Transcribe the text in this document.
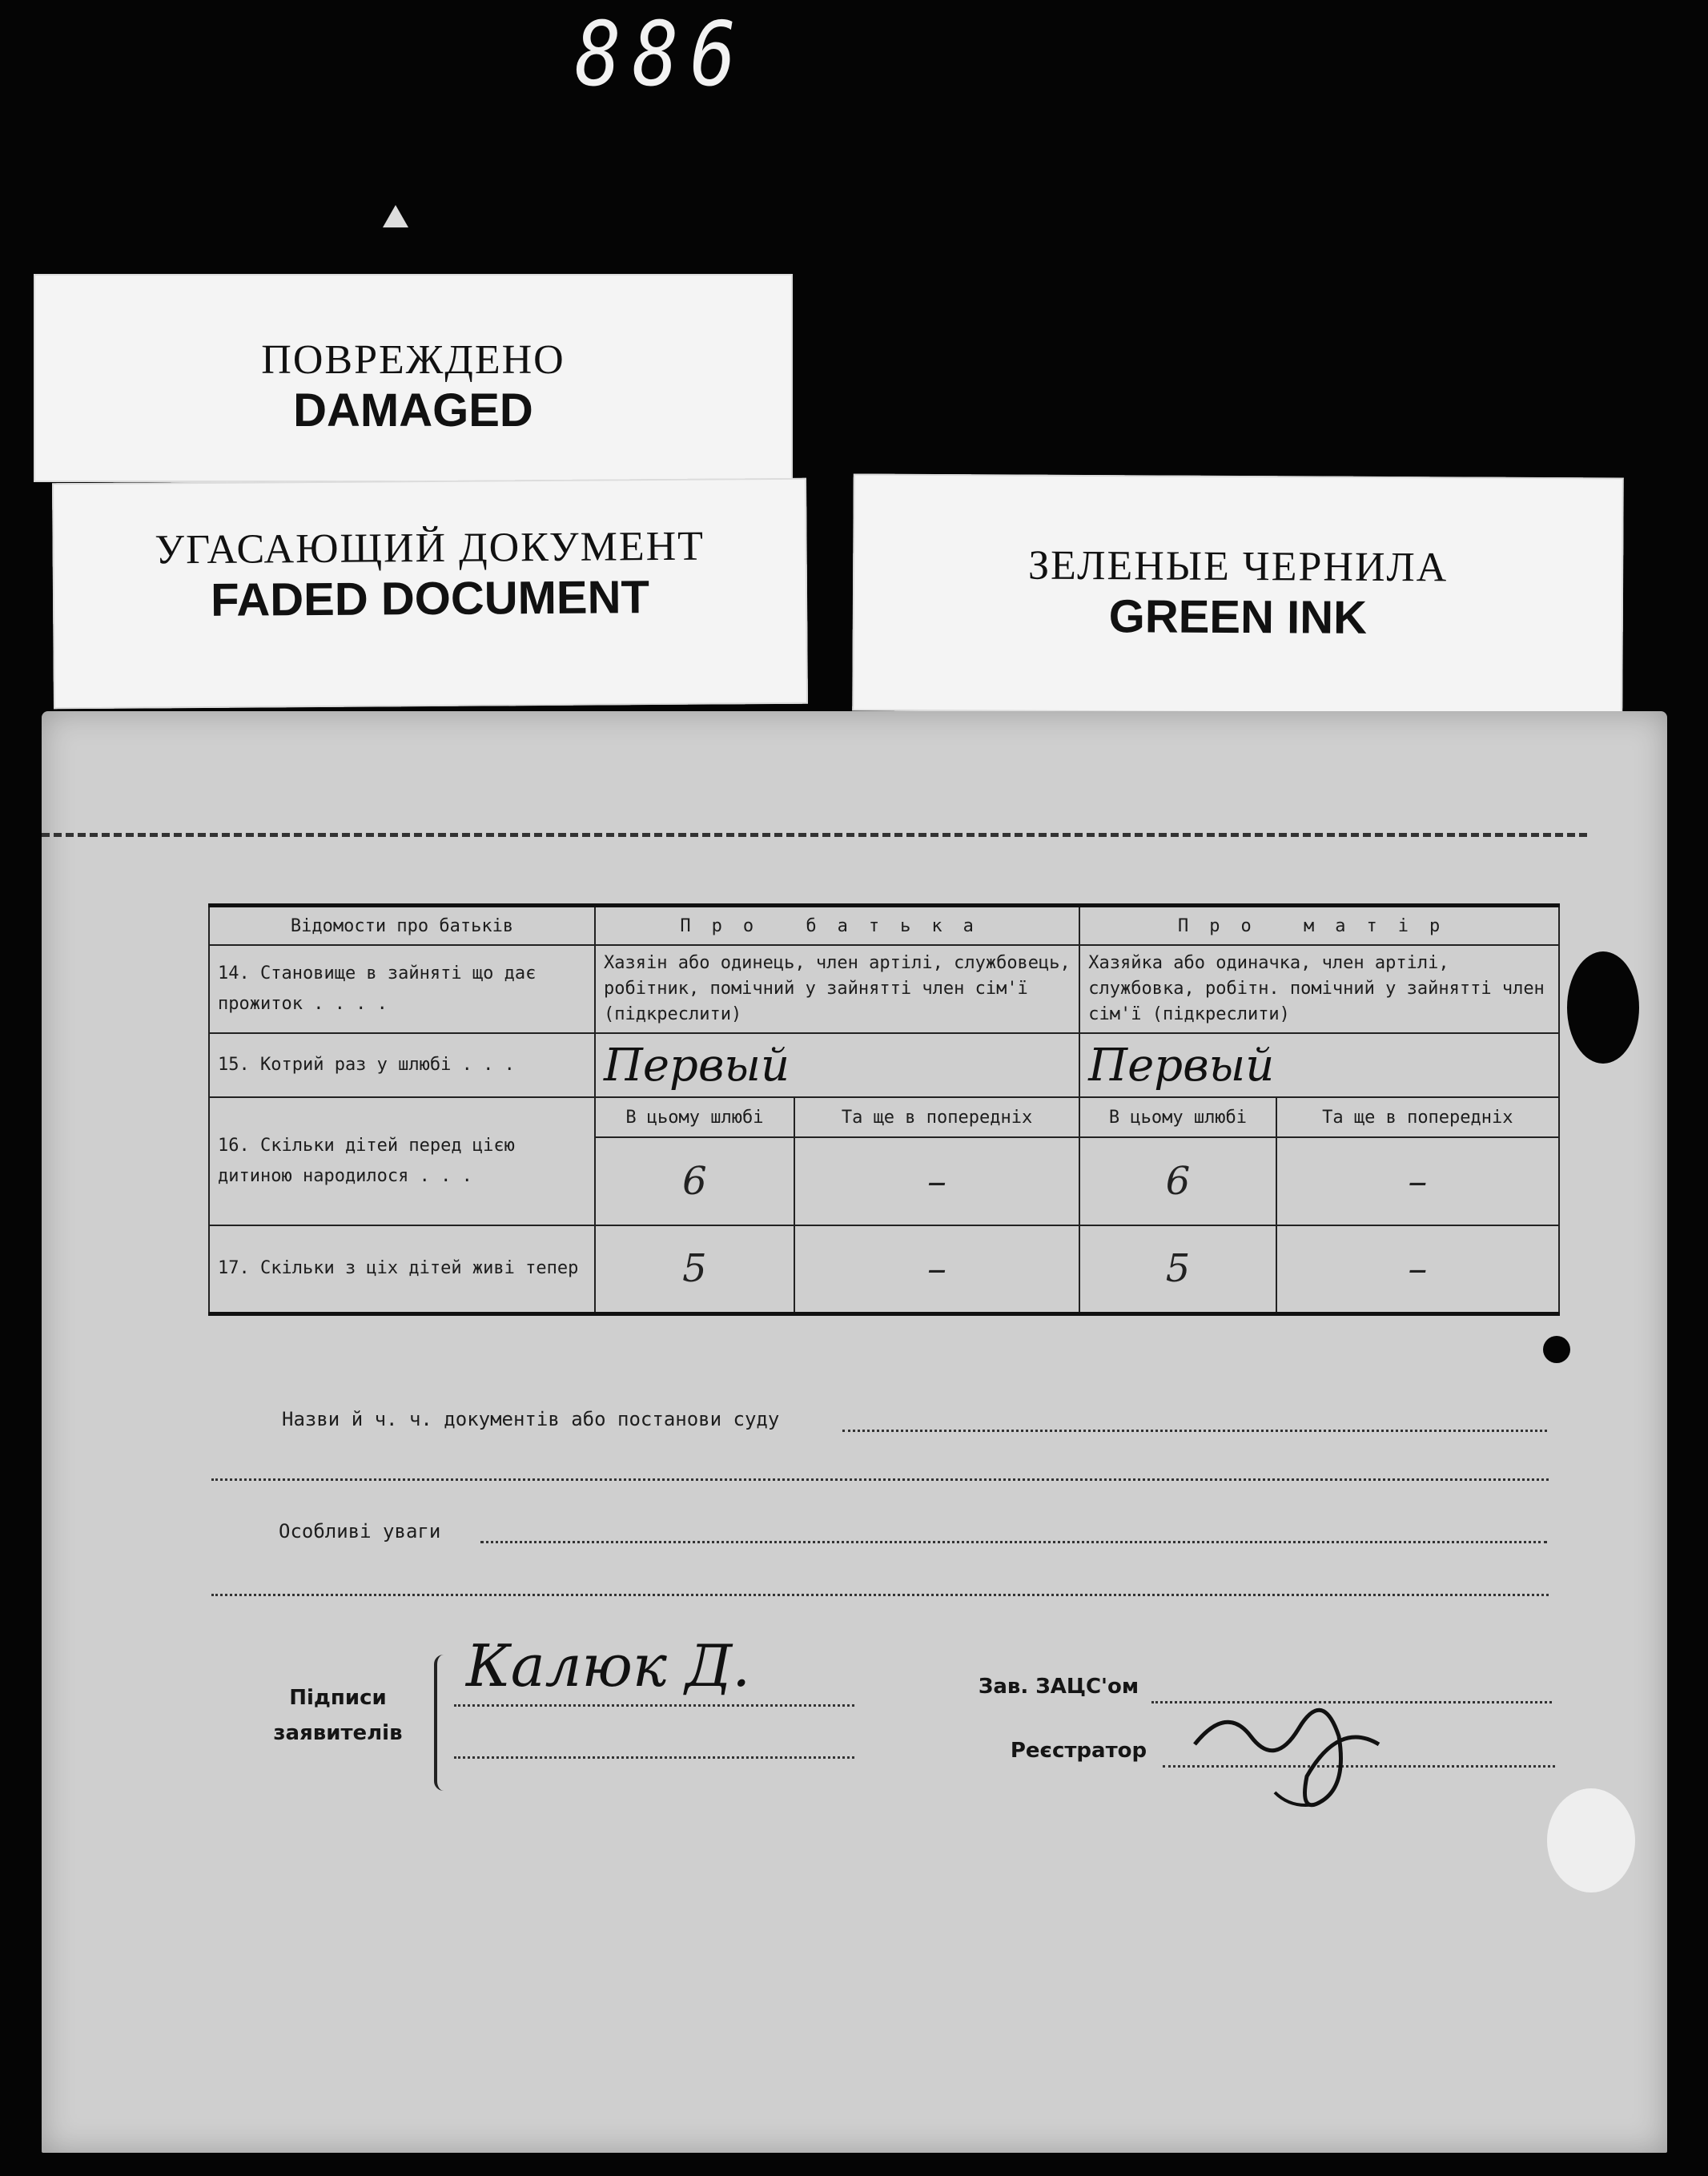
886
ПОВРЕЖДЕНО
DAMAGED
УГАСАЮЩИЙ ДОКУМЕНТ
FADED DOCUMENT
ЗЕЛЕНЫЕ ЧЕРНИЛА
GREEN INK
Відомости про батьків	Про батька		Про матір	
14. Становище в зайняті що дає прожиток . . . .	Хазяін або одинець, член артілі, службовець, робітник, помічний у зайнятті член сім'ї (підкреслити)		Хазяйка або одиначка, член артілі, службовка, робітн. помічний у зайнятті член сім'ї (підкреслити)	
15. Котрий раз у шлюбі . . .	Первый		Первый	
16. Скільки дітей перед цією дитиною народилося . . .	В цьому шлюбі	Та ще в попередніх	В цьому шлюбі	Та ще в попередніх
	6	–	6	–
17. Скільки з ціх дітей живі тепер	5	–	5	–
Назви й ч. ч. документів або постанови суду
Особливі уваги
Підписи заявителів
Калюк Д.	Зав. ЗАЦС'ом
Реєстратор
